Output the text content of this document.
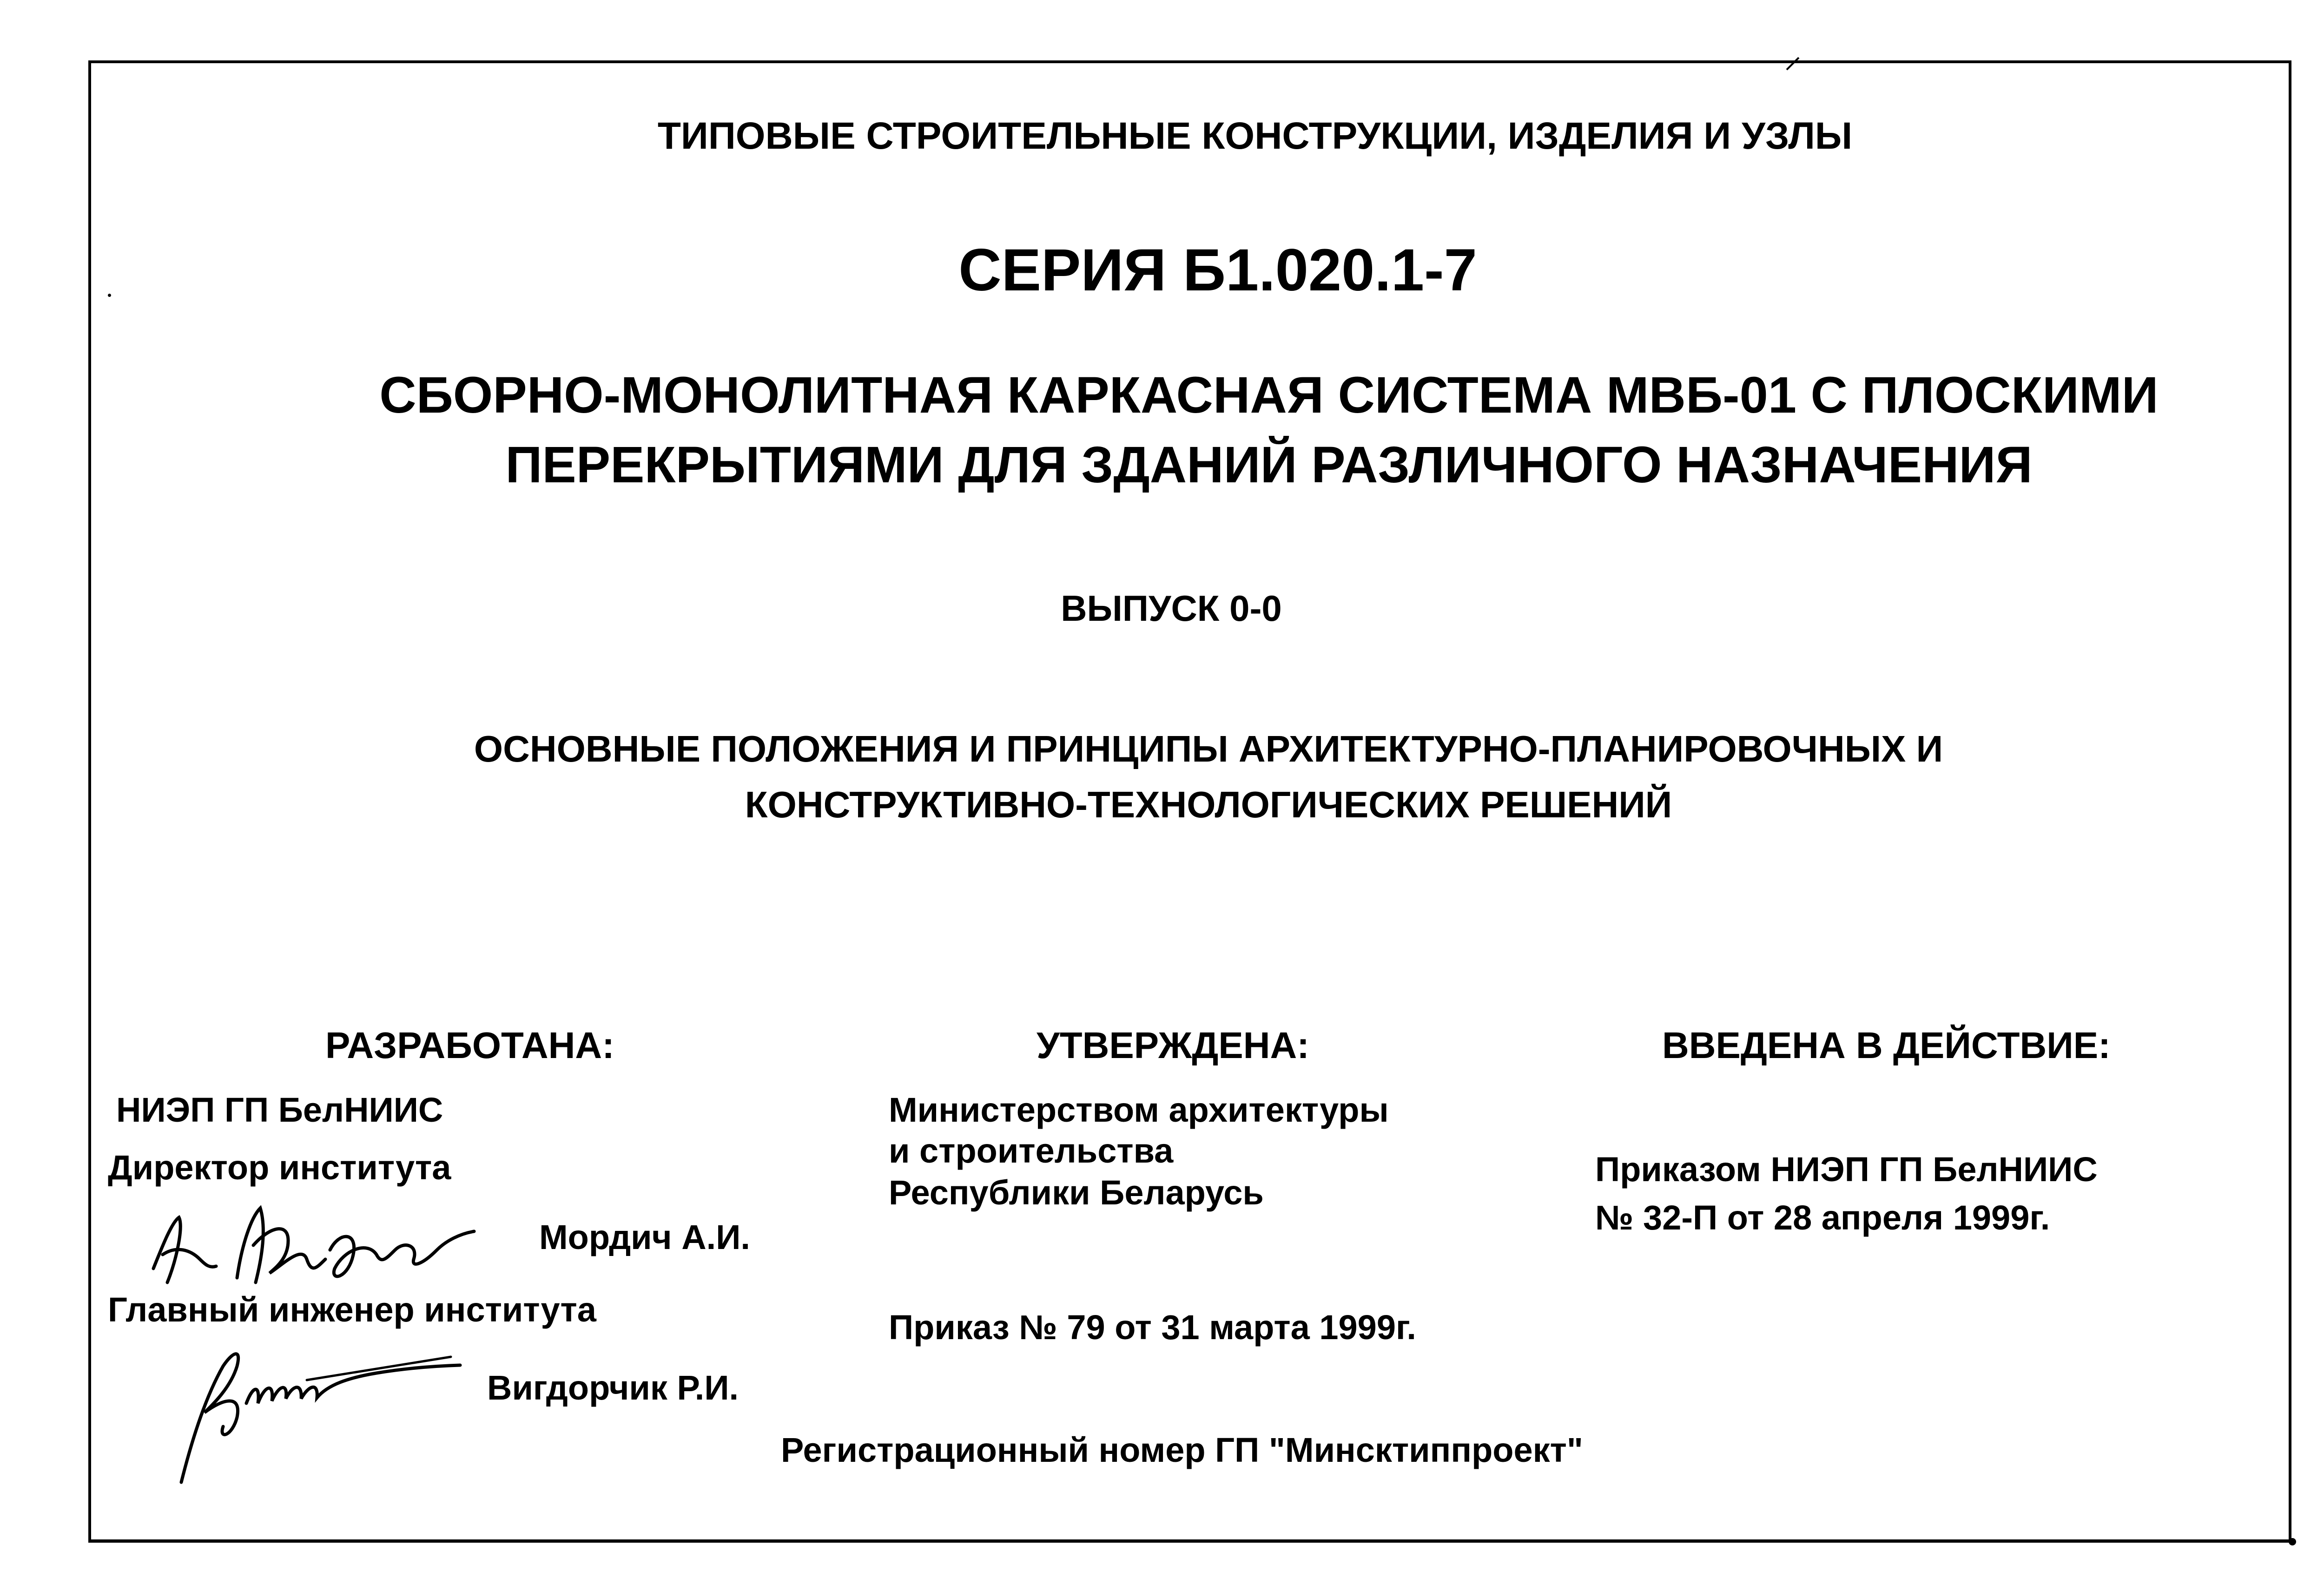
ТИПОВЫЕ СТРОИТЕЛЬНЫЕ КОНСТРУКЦИИ, ИЗДЕЛИЯ И УЗЛЫ
СЕРИЯ Б1.020.1-7
СБОРНО-МОНОЛИТНАЯ КАРКАСНАЯ СИСТЕМА МВБ-01 С ПЛОСКИМИ
ПЕРЕКРЫТИЯМИ ДЛЯ ЗДАНИЙ РАЗЛИЧНОГО НАЗНАЧЕНИЯ
ВЫПУСК 0-0
ОСНОВНЫЕ ПОЛОЖЕНИЯ И ПРИНЦИПЫ АРХИТЕКТУРНО-ПЛАНИРОВОЧНЫХ И
КОНСТРУКТИВНО-ТЕХНОЛОГИЧЕСКИХ РЕШЕНИЙ
РАЗРАБОТАНА:
НИЭП ГП БелНИИС
Директор института
Мордич А.И.
Главный инженер института
Вигдорчик Р.И.
УТВЕРЖДЕНА:
Министерством архитектуры
и строительства
Республики Беларусь
Приказ № 79 от 31 марта 1999г.
ВВЕДЕНА В ДЕЙСТВИЕ:
Приказом НИЭП ГП БелНИИС
№ 32-П от 28 апреля 1999г.
Регистрационный номер ГП "Минсктиппроект"
